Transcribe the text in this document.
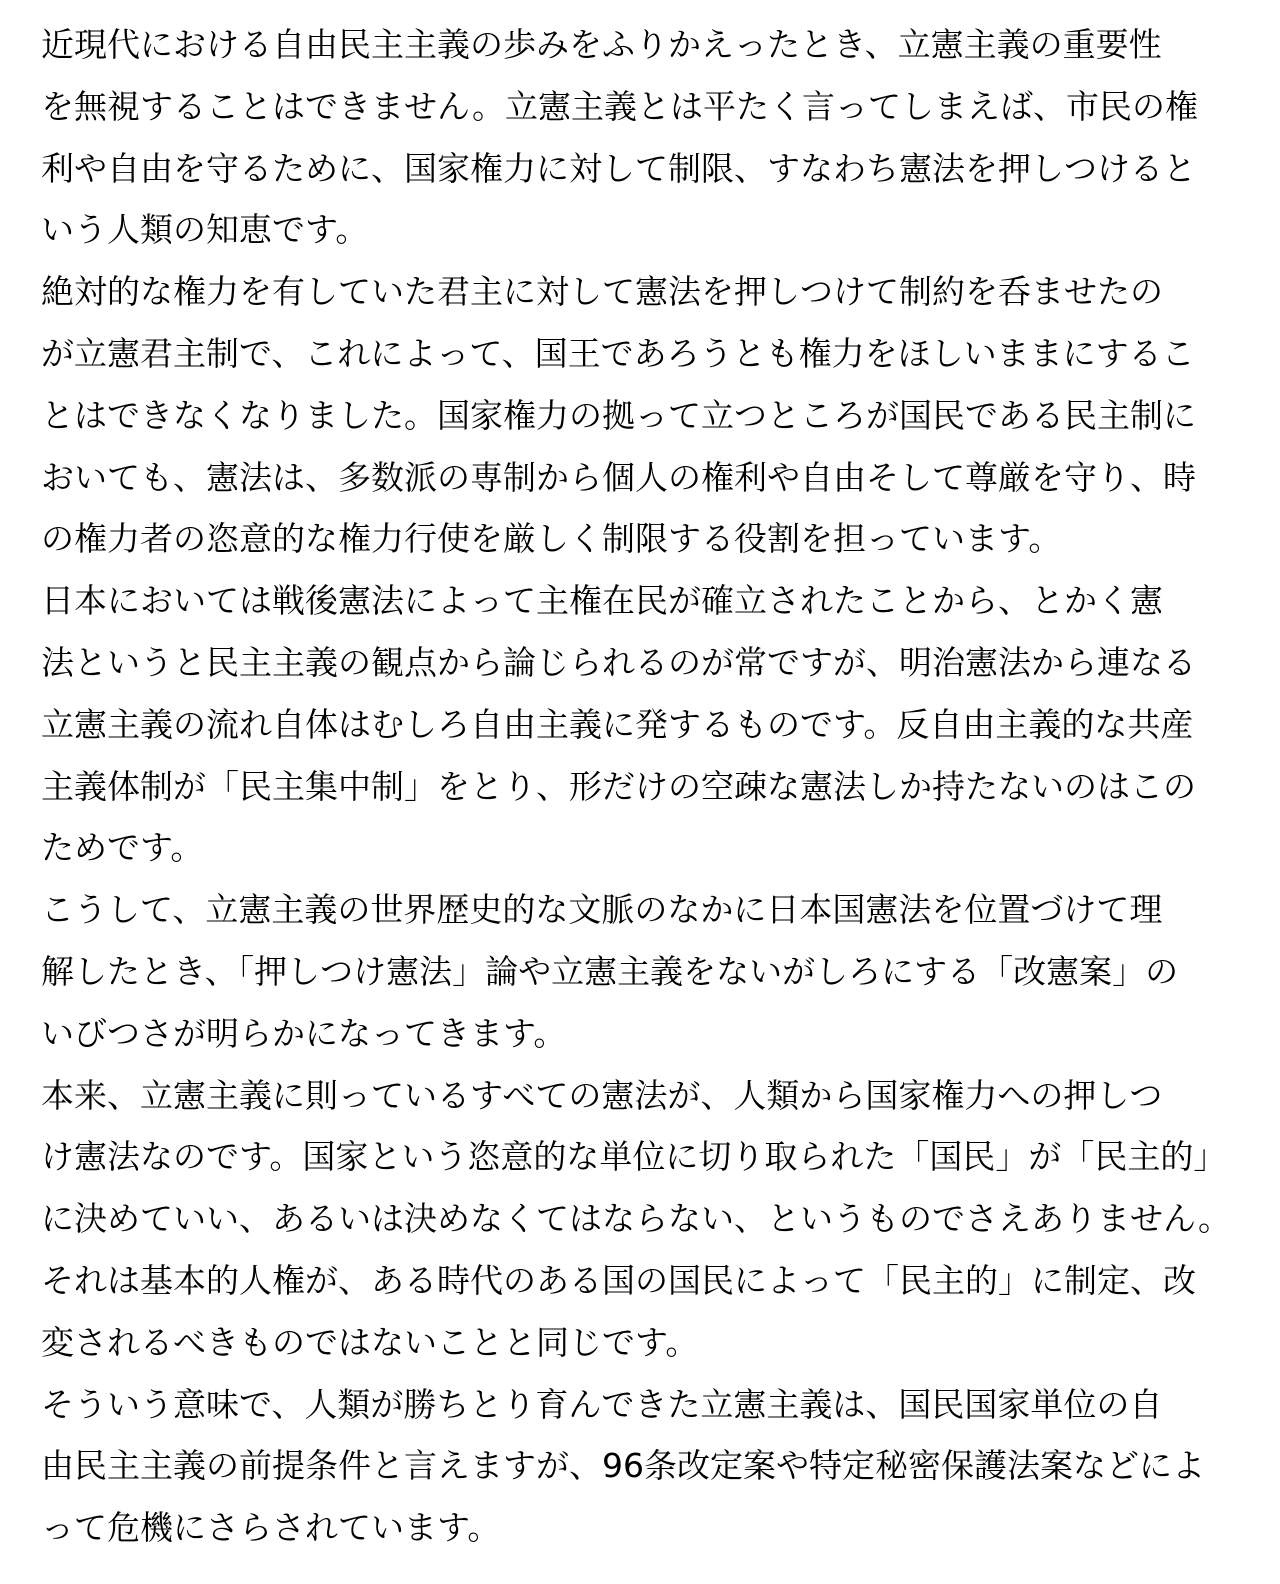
近現代における自由民主主義の歩みをふりかえったとき、立憲主義の重要性
を無視することはできません。立憲主義とは平たく言ってしまえば、市民の権
利や自由を守るために、国家権力に対して制限、すなわち憲法を押しつけると
いう人類の知恵です。

絶対的な権力を有していた君主に対して憲法を押しつけて制約を呑ませたの
が立憲君主制で、これによって、国王であろうとも権力をほしいままにするこ
とはできなくなりました。国家権力の拠って立つところが国民である民主制に
おいても、憲法は、多数派の専制から個人の権利や自由そして尊厳を守り、時
の権力者の恣意的な権力行使を厳しく制限する役割を担っています。

日本においては戦後憲法によって主権在民が確立されたことから、とかく憲
法というと民主主義の観点から論じられるのが常ですが、明治憲法から連なる
立憲主義の流れ自体はむしろ自由主義に発するものです。反自由主義的な共産
主義体制が「民主集中制」をとり、形だけの空疎な憲法しか持たないのはこの
ためです。

こうして、立憲主義の世界歴史的な文脈のなかに日本国憲法を位置づけて理
解したとき、「押しつけ憲法」論や立憲主義をないがしろにする「改憲案」の
いびつさが明らかになってきます。

本来、立憲主義に則っているすべての憲法が、人類から国家権力への押しつ
け憲法なのです。国家という恣意的な単位に切り取られた「国民」が「民主的」
に決めていい、あるいは決めなくてはならない、というものでさえありません。
それは基本的人権が、ある時代のある国の国民によって「民主的」に制定、改
変されるべきものではないことと同じです。

そういう意味で、人類が勝ちとり育んできた立憲主義は、国民国家単位の自
由民主主義の前提条件と言えますが、96条改定案や特定秘密保護法案などによ
って危機にさらされています。
